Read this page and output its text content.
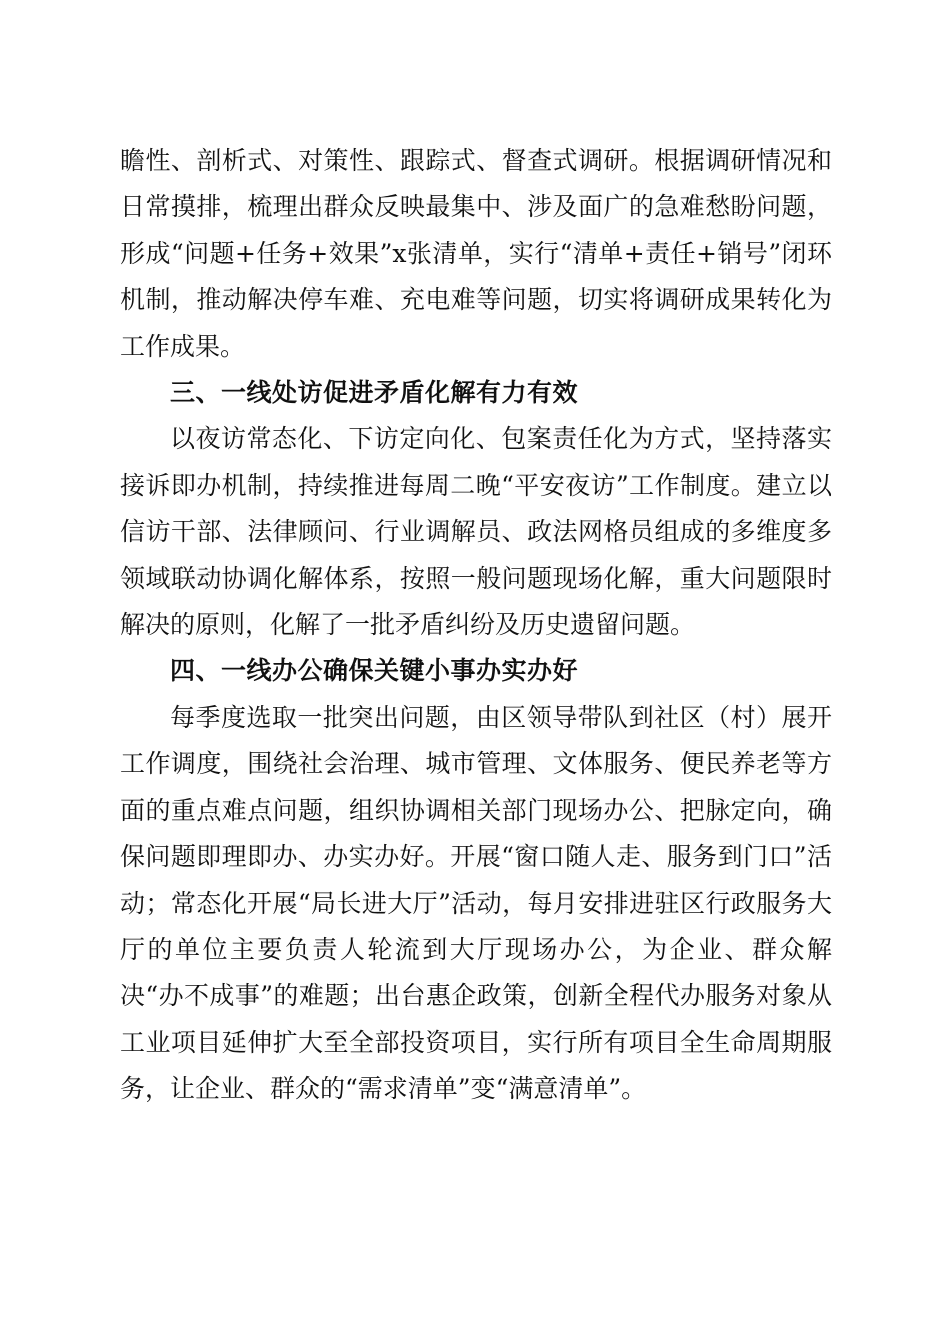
瞻性、剖析式、对策性、跟踪式、督查式调研。根据调研情况和日常摸排，梳理出群众反映最集中、涉及面广的急难愁盼问题，形成“问题+任务+效果”x张清单，实行“清单+责任+销号”闭环机制，推动解决停车难、充电难等问题，切实将调研成果转化为工作成果。

三、一线处访促进矛盾化解有力有效

以夜访常态化、下访定向化、包案责任化为方式，坚持落实接诉即办机制，持续推进每周二晚“平安夜访”工作制度。建立以信访干部、法律顾问、行业调解员、政法网格员组成的多维度多领域联动协调化解体系，按照一般问题现场化解，重大问题限时解决的原则，化解了一批矛盾纠纷及历史遗留问题。

四、一线办公确保关键小事办实办好

每季度选取一批突出问题，由区领导带队到社区（村）展开工作调度，围绕社会治理、城市管理、文体服务、便民养老等方面的重点难点问题，组织协调相关部门现场办公、把脉定向，确保问题即理即办、办实办好。开展“窗口随人走、服务到门口”活动；常态化开展“局长进大厅”活动，每月安排进驻区行政服务大厅的单位主要负责人轮流到大厅现场办公，为企业、群众解决“办不成事”的难题；出台惠企政策，创新全程代办服务对象从工业项目延伸扩大至全部投资项目，实行所有项目全生命周期服务，让企业、群众的“需求清单”变“满意清单”。
